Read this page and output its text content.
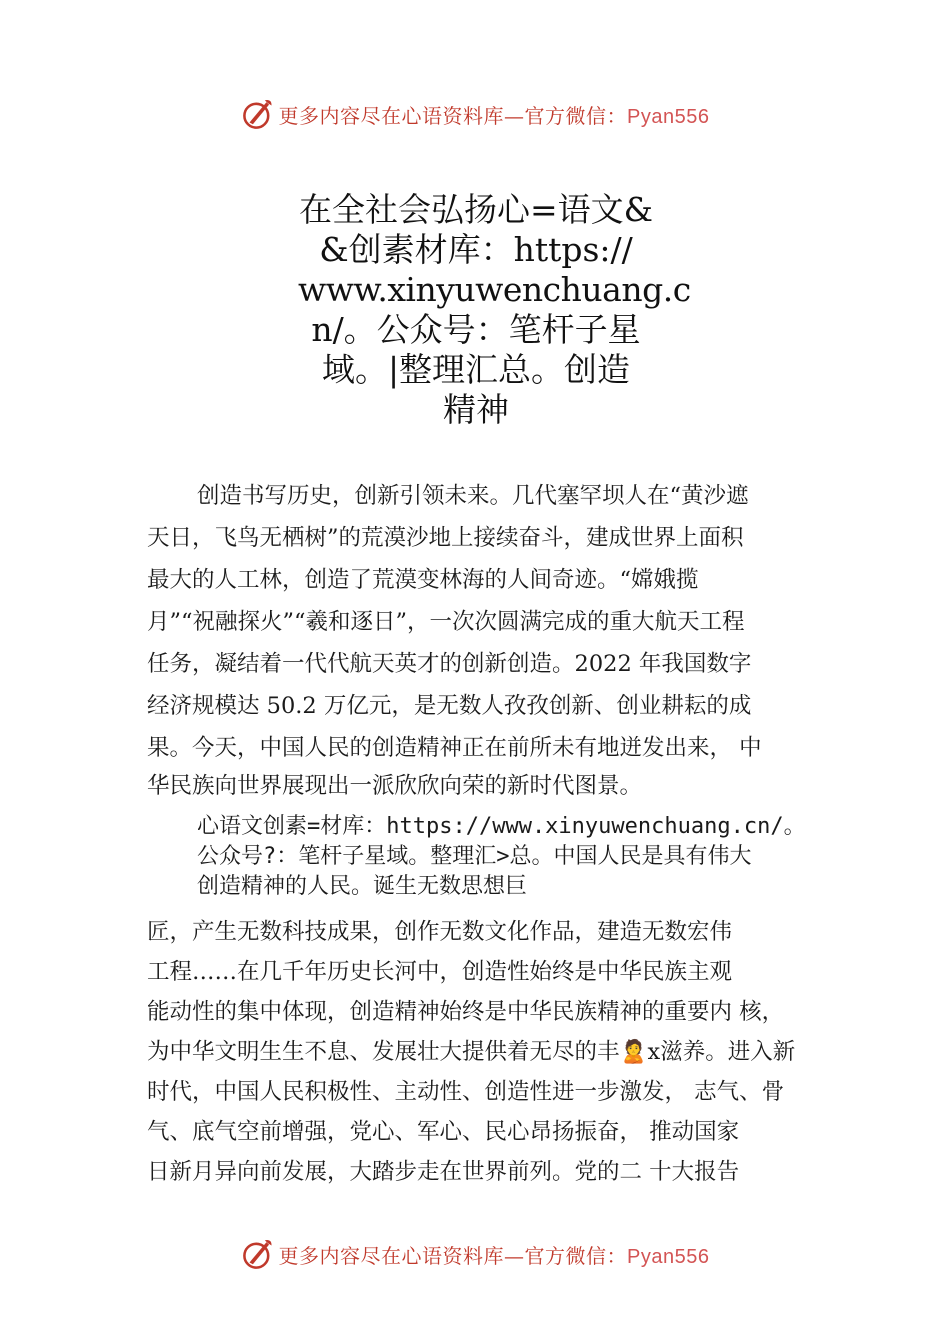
更多内容尽在心语资料库—官方微信：Pyan556
在全社会弘扬心=语文&
&创素材库：https://
www.xinyuwenchuang.c
n/。公众号：笔杆子星
域。|整理汇总。创造
精神
创造书写历史，创新引领未来。几代塞罕坝人在“黄沙遮
天日，飞鸟无栖树”的荒漠沙地上接续奋斗，建成世界上面积
最大的人工林，创造了荒漠变林海的人间奇迹。“嫦娥揽
月”“祝融探火”“羲和逐日”，一次次圆满完成的重大航天工程
任务，凝结着一代代航天英才的创新创造。2022 年我国数字
经济规模达 50.2 万亿元，是无数人孜孜创新、创业耕耘的成
果。今天，中国人民的创造精神正在前所未有地迸发出来， 中
华民族向世界展现出一派欣欣向荣的新时代图景。
心语文创素=材库：https://www.xinyuwenchuang.cn/。
公众号?：笔杆子星域。整理汇>总。中国人民是具有伟大
创造精神的人民。诞生无数思想巨
匠，产生无数科技成果，创作无数文化作品，建造无数宏伟
工程……在几千年历史长河中，创造性始终是中华民族主观
能动性的集中体现，创造精神始终是中华民族精神的重要内 核，
为中华文明生生不息、发展壮大提供着无尽的丰🙎x滋养。进入新
时代，中国人民积极性、主动性、创造性进一步激发， 志气、骨
气、底气空前增强，党心、军心、民心昂扬振奋， 推动国家
日新月异向前发展，大踏步走在世界前列。党的二 十大报告
更多内容尽在心语资料库—官方微信：Pyan556
